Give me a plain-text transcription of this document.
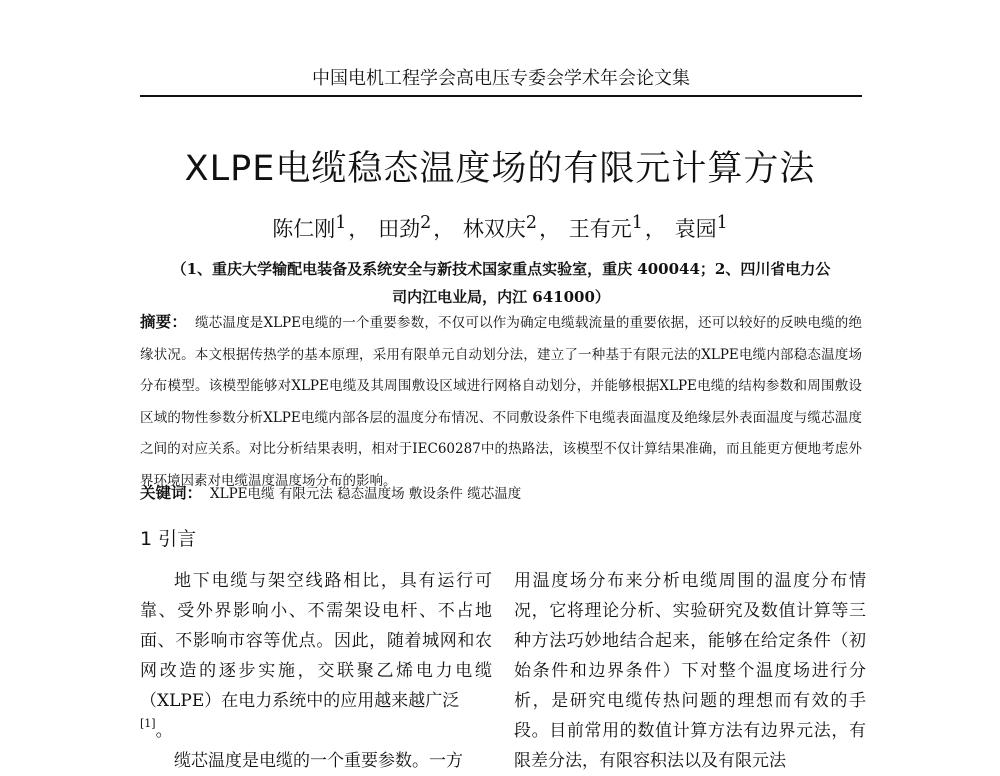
中国电机工程学会高电压专委会学术年会论文集
XLPE电缆稳态温度场的有限元计算方法
陈仁刚$^1$， 田劲$^2$， 林双庆$^2$， 王有元$^1$， 袁园$^1$
（1、重庆大学输配电装备及系统安全与新技术国家重点实验室，重庆 400044；2、四川省电力公
司内江电业局，内江 641000）
摘要： 缆芯温度是XLPE电缆的一个重要参数，不仅可以作为确定电缆载流量的重要依据，还可以较好的反映电缆的绝缘状况。本文根据传热学的基本原理，采用有限单元自动划分法，建立了一种基于有限元法的XLPE电缆内部稳态温度场分布模型。该模型能够对XLPE电缆及其周围敷设区域进行网格自动划分，并能够根据XLPE电缆的结构参数和周围敷设区域的物性参数分析XLPE电缆内部各层的温度分布情况、不同敷设条件下电缆表面温度及绝缘层外表面温度与缆芯温度之间的对应关系。对比分析结果表明，相对于IEC60287中的热路法，该模型不仅计算结果准确，而且能更方便地考虑外界环境因素对电缆温度温度场分布的影响。
关键词： XLPE电缆 有限元法 稳态温度场 敷设条件 缆芯温度
1 引言

地下电缆与架空线路相比，具有运行可靠、受外界影响小、不需架设电杆、不占地面、不影响市容等优点。因此，随着城网和农网改造的逐步实施，交联聚乙烯电力电缆（XLPE）在电力系统中的应用越来越广泛
[1]。

缆芯温度是电缆的一个重要参数。一方

用温度场分布来分析电缆周围的温度分布情况，它将理论分析、实验研究及数值计算等三种方法巧妙地结合起来，能够在给定条件（初始条件和边界条件）下对整个温度场进行分析，是研究电缆传热问题的理想而有效的手段。目前常用的数值计算方法有边界元法，有限差分法，有限容积法以及有限元法
